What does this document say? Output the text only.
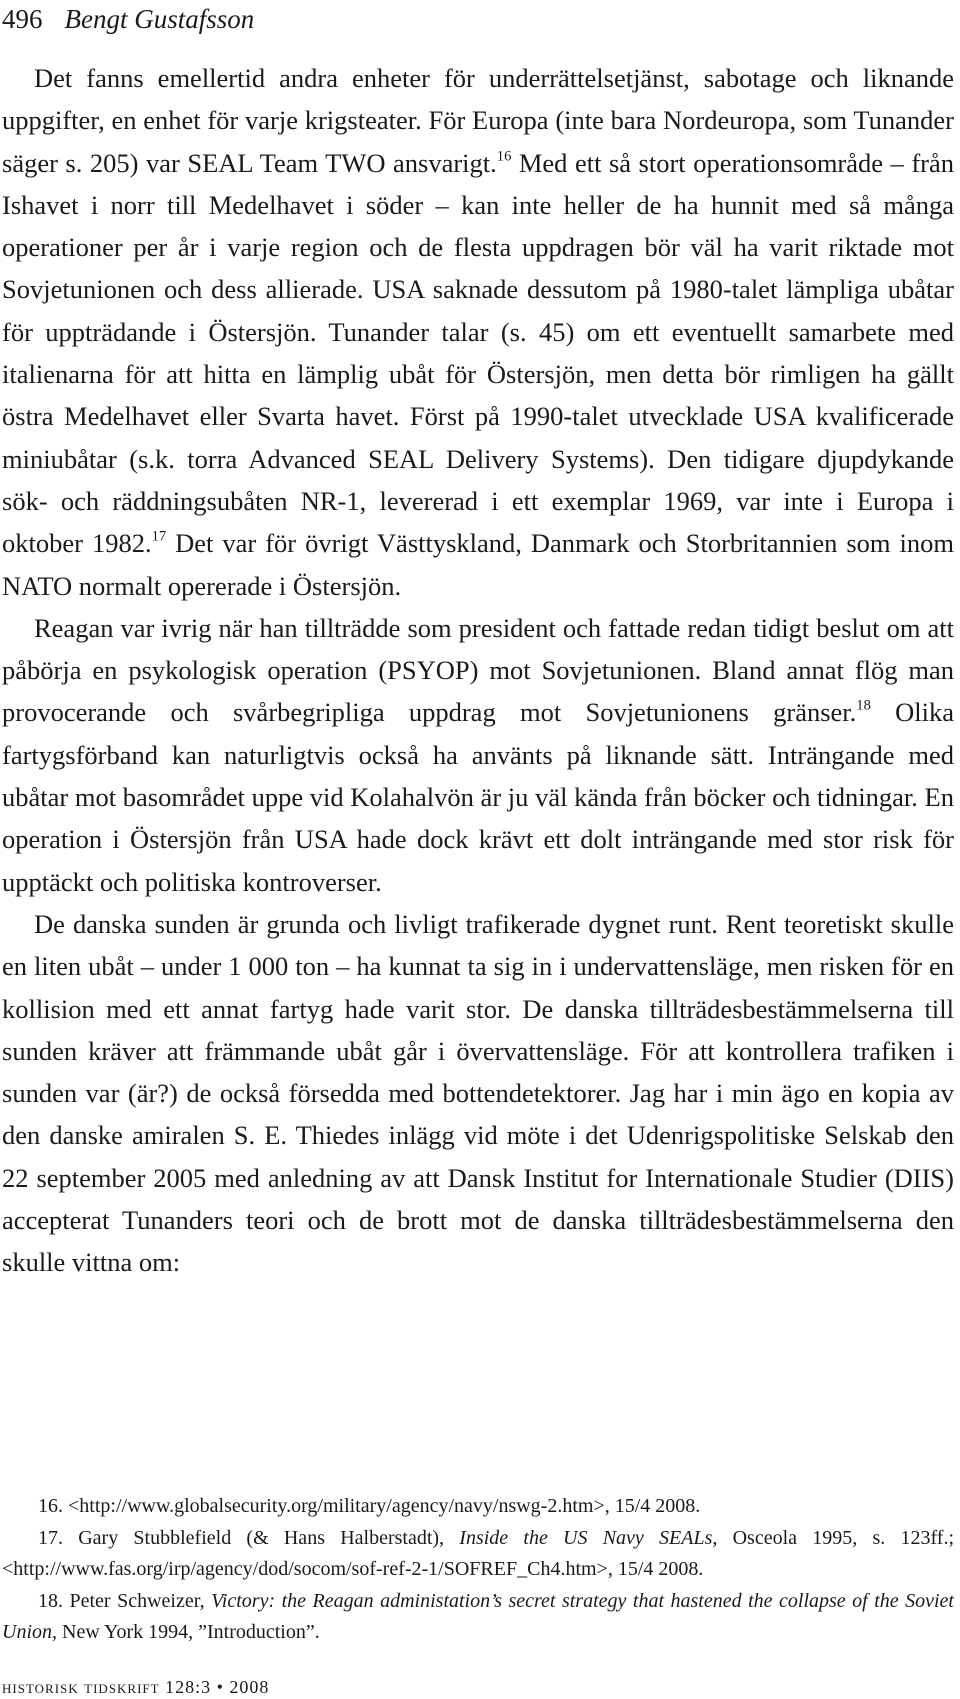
496 Bengt Gustafsson

Det fanns emellertid andra enheter för underrättelsetjänst, sabotage och liknande uppgifter, en enhet för varje krigsteater. För Europa (inte bara Nordeuropa, som Tunander säger s. 205) var SEAL Team TWO ansvarigt.$^{16}$ Med ett så stort operationsområde – från Ishavet i norr till Medelhavet i söder – kan inte heller de ha hunnit med så många operationer per år i varje region och de flesta uppdragen bör väl ha varit riktade mot Sovjetunionen och dess allierade. USA saknade dessutom på 1980-talet lämpliga ubåtar för uppträdande i Östersjön. Tunander talar (s. 45) om ett eventuellt samarbete med italienarna för att hitta en lämplig ubåt för Östersjön, men detta bör rimligen ha gällt östra Medelhavet eller Svarta havet. Först på 1990-talet utvecklade USA kvalificerade miniubåtar (s.k. torra Advanced SEAL Delivery Systems). Den tidigare djupdykande sök- och räddningsubåten NR-1, levererad i ett exemplar 1969, var inte i Europa i oktober 1982.17 Det var för övrigt Västtyskland, Danmark och Storbritannien som inom NATO normalt opererade i Östersjön.

Reagan var ivrig när han tillträdde som president och fattade redan tidigt beslut om att påbörja en psykologisk operation (PSYOP) mot Sovjetunionen. Bland annat flög man provocerande och svårbegripliga uppdrag mot Sovjetunionens gränser.$^{18}$ Olika fartygsförband kan naturligtvis också ha använts på liknande sätt. Inträngande med ubåtar mot basområdet uppe vid Kolahalvön är ju väl kända från böcker och tidningar. En operation i Östersjön från USA hade dock krävt ett dolt inträngande med stor risk för upptäckt och politiska kontroverser.

De danska sunden är grunda och livligt trafikerade dygnet runt. Rent teoretiskt skulle en liten ubåt – under 1 000 ton – ha kunnat ta sig in i undervattensläge, men risken för en kollision med ett annat fartyg hade varit stor. De danska tillträdesbestämmelserna till sunden kräver att främmande ubåt går i övervattensläge. För att kontrollera trafiken i sunden var (är?) de också försedda med bottendetektorer. Jag har i min ägo en kopia av den danske amiralen S. E. Thiedes inlägg vid möte i det Udenrigspolitiske Selskab den 22 september 2005 med anledning av att Dansk Institut for Internationale Studier (DIIS) accepterat Tunanders teori och de brott mot de danska tillträdesbestämmelserna den skulle vittna om:

16. <http://www.globalsecurity.org/military/agency/navy/nswg-2.htm>, 15/4 2008.

17. Gary Stubblefield (& Hans Halberstadt), Inside the US Navy SEALs, Osceola 1995, s. 123ff.; <http://www.fas.org/irp/agency/dod/socom/sof-ref-2-1/SOFREF_Ch4.htm>, 15/4 2008.

18. Peter Schweizer, Victory: the Reagan administation’s secret strategy that hastened the collapse of the Soviet Union, New York 1994, ”Introduction”.

historisk tidskrift 128:3 • 2008
